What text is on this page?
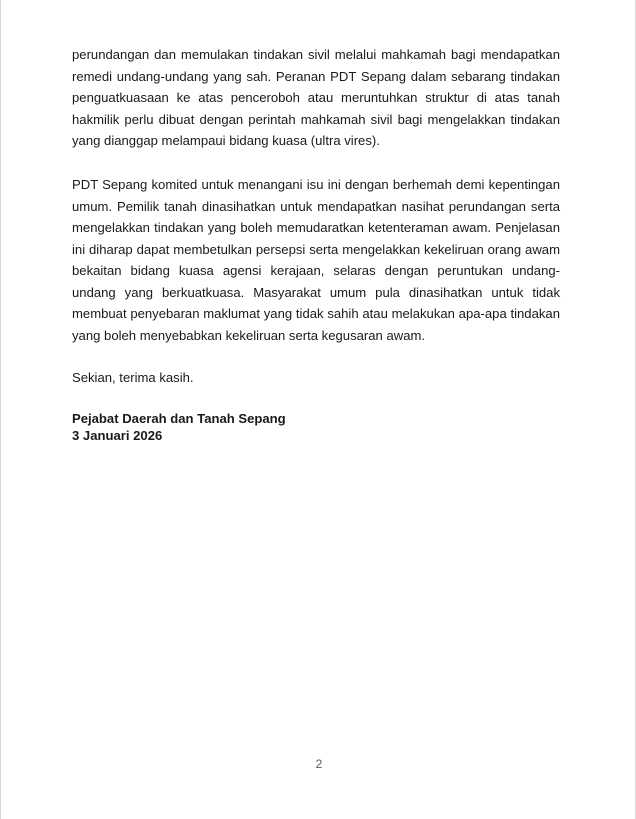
perundangan dan memulakan tindakan sivil melalui mahkamah bagi mendapatkan remedi undang-undang yang sah. Peranan PDT Sepang dalam sebarang tindakan penguatkuasaan ke atas penceroboh atau meruntuhkan struktur di atas tanah hakmilik perlu dibuat dengan perintah mahkamah sivil bagi mengelakkan tindakan yang dianggap melampaui bidang kuasa (ultra vires).
PDT Sepang komited untuk menangani isu ini dengan berhemah demi kepentingan umum. Pemilik tanah dinasihatkan untuk mendapatkan nasihat perundangan serta mengelakkan tindakan yang boleh memudaratkan ketenteraman awam. Penjelasan ini diharap dapat membetulkan persepsi serta mengelakkan kekeliruan orang awam bekaitan bidang kuasa agensi kerajaan, selaras dengan peruntukan undang-undang yang berkuatkuasa. Masyarakat umum pula dinasihatkan untuk tidak membuat penyebaran maklumat yang tidak sahih atau melakukan apa-apa tindakan yang boleh menyebabkan kekeliruan serta kegusaran awam.
Sekian, terima kasih.
Pejabat Daerah dan Tanah Sepang
3 Januari 2026
2
